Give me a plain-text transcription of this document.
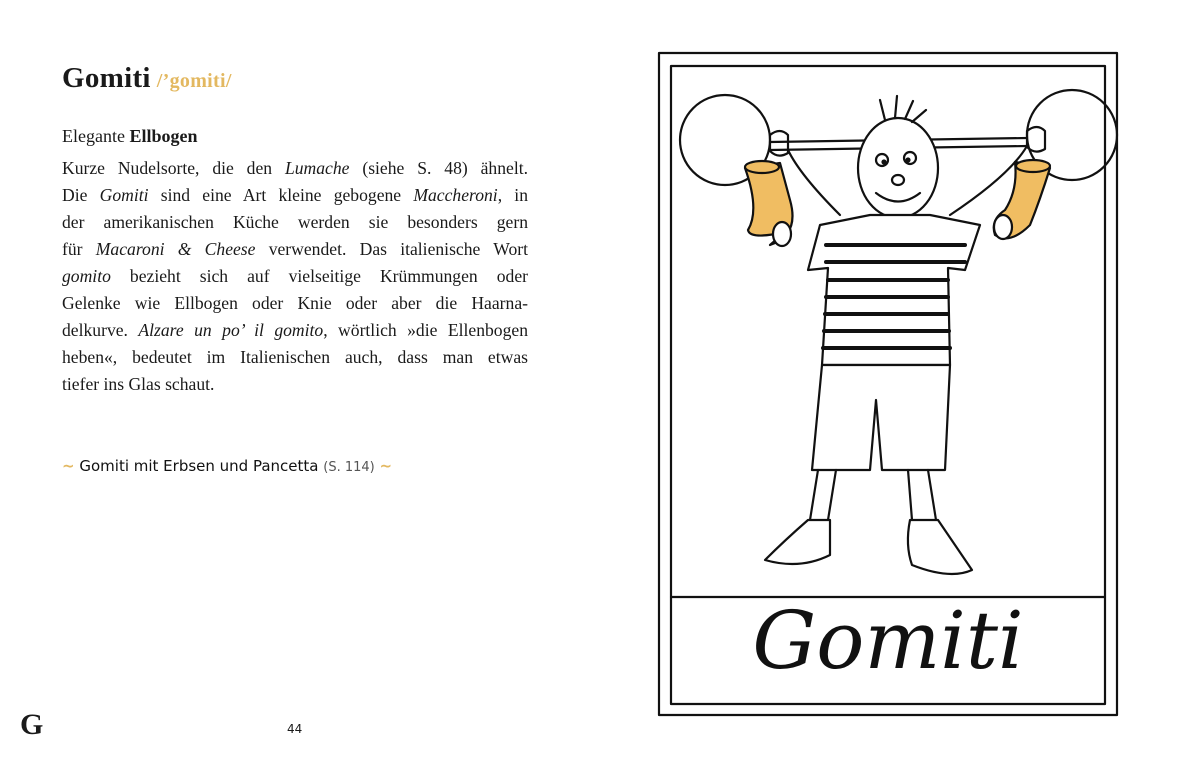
Gomiti /’gomiti/
Elegante Ellbogen
Kurze Nudelsorte, die den Lumache (siehe S. 48) ähnelt.
Die Gomiti sind eine Art kleine gebogene Maccheroni, in
der amerikanischen Küche werden sie besonders gern
für Macaroni & Cheese verwendet. Das italienische Wort
gomito bezieht sich auf vielseitige Krümmungen oder
Gelenke wie Ellbogen oder Knie oder aber die Haarna-
delkurve. Alzare un po’ il gomito, wörtlich »die Ellenbogen
heben«, bedeutet im Italienischen auch, dass man etwas
tiefer ins Glas schaut.
~ Gomiti mit Erbsen und Pancetta (S. 114) ~
G	44
Gomiti
